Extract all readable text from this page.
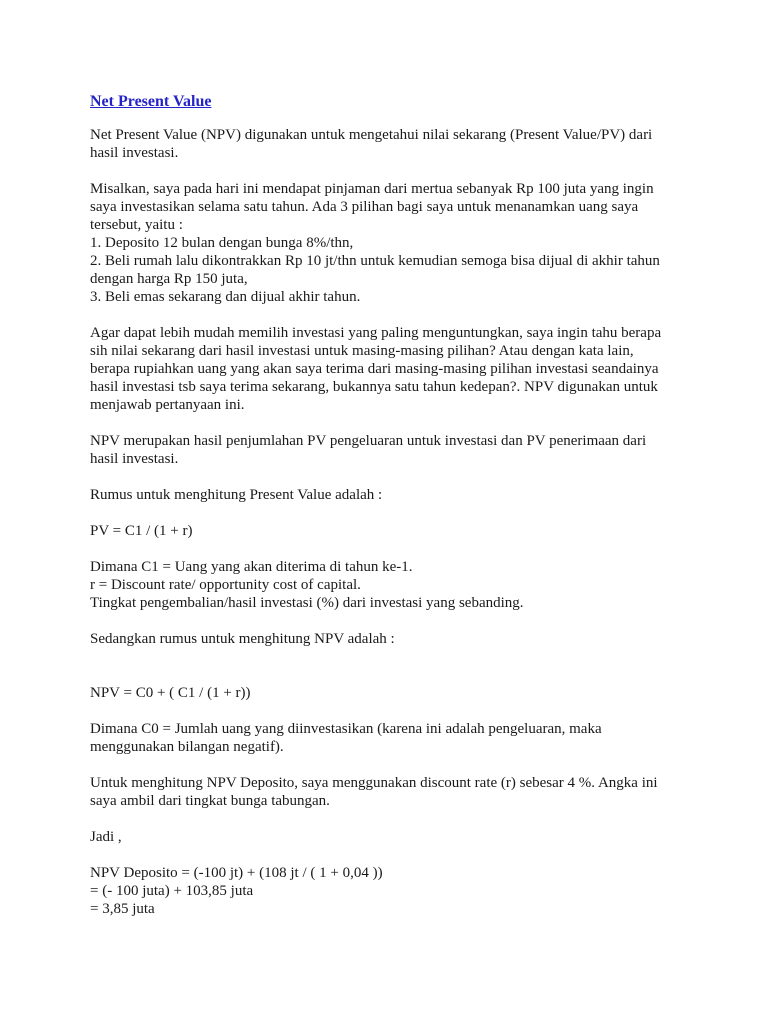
Net Present Value
Net Present Value (NPV) digunakan untuk mengetahui nilai sekarang (Present Value/PV) dari
hasil investasi.
Misalkan, saya pada hari ini mendapat pinjaman dari mertua sebanyak Rp 100 juta yang ingin
saya investasikan selama satu tahun. Ada 3 pilihan bagi saya untuk menanamkan uang saya
tersebut, yaitu :
1. Deposito 12 bulan dengan bunga 8%/thn,
2. Beli rumah lalu dikontrakkan Rp 10 jt/thn untuk kemudian semoga bisa dijual di akhir tahun
dengan harga Rp 150 juta,
3. Beli emas sekarang dan dijual akhir tahun.
Agar dapat lebih mudah memilih investasi yang paling menguntungkan, saya ingin tahu berapa
sih nilai sekarang dari hasil investasi untuk masing-masing pilihan? Atau dengan kata lain,
berapa rupiahkan uang yang akan saya terima dari masing-masing pilihan investasi seandainya
hasil investasi tsb saya terima sekarang, bukannya satu tahun kedepan?. NPV digunakan untuk
menjawab pertanyaan ini.
NPV merupakan hasil penjumlahan PV pengeluaran untuk investasi dan PV penerimaan dari
hasil investasi.
Rumus untuk menghitung Present Value adalah :
PV = C1 / (1 + r)
Dimana C1 = Uang yang akan diterima di tahun ke-1.
r = Discount rate/ opportunity cost of capital.
Tingkat pengembalian/hasil investasi (%) dari investasi yang sebanding.
Sedangkan rumus untuk menghitung NPV adalah :
NPV = C0 + ( C1 / (1 + r))
Dimana C0 = Jumlah uang yang diinvestasikan (karena ini adalah pengeluaran, maka
menggunakan bilangan negatif).
Untuk menghitung NPV Deposito, saya menggunakan discount rate (r) sebesar 4 %. Angka ini
saya ambil dari tingkat bunga tabungan.
Jadi ,
NPV Deposito = (-100 jt) + (108 jt / ( 1 + 0,04 ))
= (- 100 juta) + 103,85 juta
= 3,85 juta
